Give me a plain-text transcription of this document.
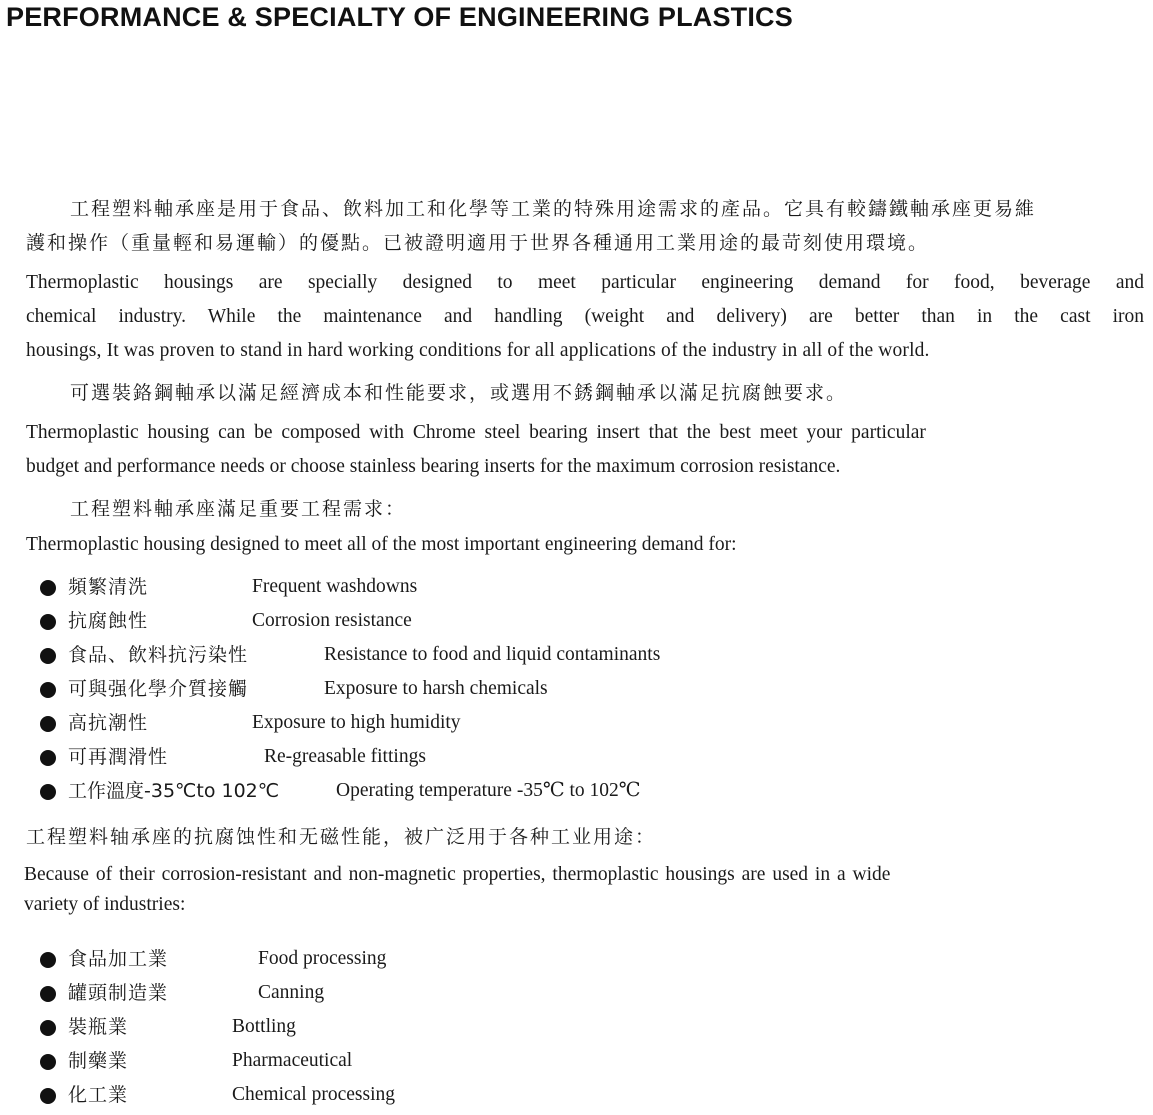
PERFORMANCE & SPECIALTY OF ENGINEERING PLASTICS

工程塑料軸承座是用于食品、飲料加工和化學等工業的特殊用途需求的產品。它具有較鑄鐵軸承座更易維

護和操作（重量輕和易運輸）的優點。已被證明適用于世界各種通用工業用途的最苛刻使用環境。

Thermoplastic housings are specially designed to meet particular engineering demand for food, beverage and

chemical industry. While the maintenance and handling (weight and delivery) are better than in the cast iron

housings, It was proven to stand in hard working conditions for all applications of the industry in all of the world.

可選裝鉻鋼軸承以滿足經濟成本和性能要求，或選用不銹鋼軸承以滿足抗腐蝕要求。

Thermoplastic housing can be composed with Chrome steel bearing insert that the best meet your particular

budget and performance needs or choose stainless bearing inserts for the maximum corrosion resistance.

工程塑料軸承座滿足重要工程需求：

Thermoplastic housing designed to meet all of the most important engineering demand for:

頻繁清洗	Frequent washdowns
抗腐蝕性	Corrosion resistance
食品、飲料抗污染性	Resistance to food and liquid contaminants
可與强化學介質接觸	Exposure to harsh chemicals
高抗潮性	Exposure to high humidity
可再潤滑性	Re-greasable fittings
工作溫度-35℃to 102℃	Operating temperature -35℃ to 102℃

工程塑料轴承座的抗腐蚀性和无磁性能，被广泛用于各种工业用途：

Because of their corrosion-resistant and non-magnetic properties, thermoplastic housings are used in a wide

variety of industries:

食品加工業	Food processing
罐頭制造業	Canning
裝瓶業	Bottling
制藥業	Pharmaceutical
化工業	Chemical processing
